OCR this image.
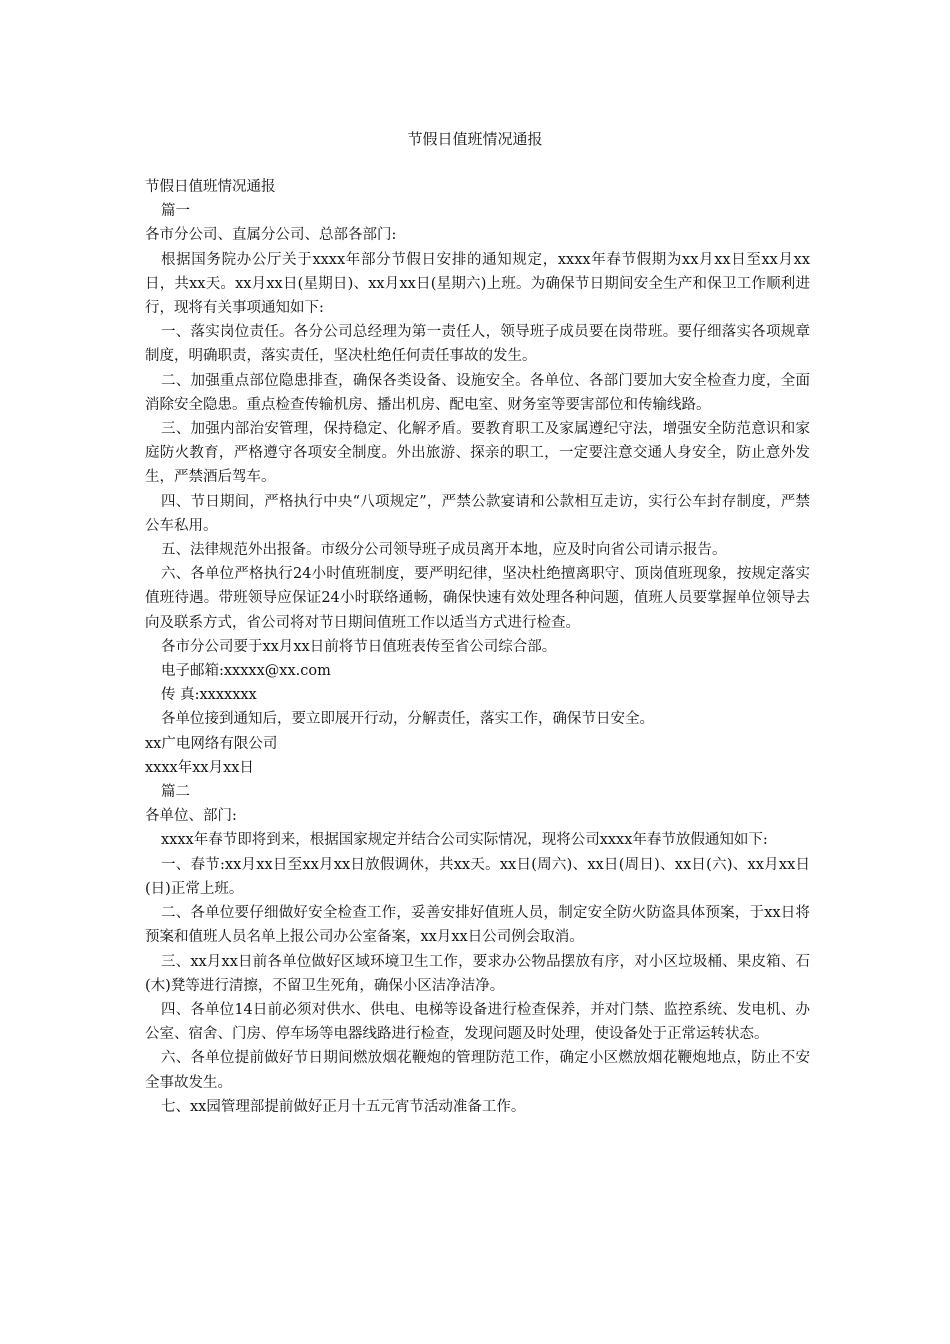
节假日值班情况通报

节假日值班情况通报

篇一

各市分公司、直属分公司、总部各部门:

根据国务院办公厅关于xxxx年部分节假日安排的通知规定，xxxx年春节假期为xx月xx日至xx月xx日，共xx天。xx月xx日(星期日)、xx月xx日(星期六)上班。为确保节日期间安全生产和保卫工作顺利进行，现将有关事项通知如下:

一、落实岗位责任。各分公司总经理为第一责任人，领导班子成员要在岗带班。要仔细落实各项规章制度，明确职责，落实责任，坚决杜绝任何责任事故的发生。

二、加强重点部位隐患排查，确保各类设备、设施安全。各单位、各部门要加大安全检查力度，全面消除安全隐患。重点检查传输机房、播出机房、配电室、财务室等要害部位和传输线路。

三、加强内部治安管理，保持稳定、化解矛盾。要教育职工及家属遵纪守法，增强安全防范意识和家庭防火教育，严格遵守各项安全制度。外出旅游、探亲的职工，一定要注意交通人身安全，防止意外发生，严禁酒后驾车。

四、节日期间，严格执行中央“八项规定”，严禁公款宴请和公款相互走访，实行公车封存制度，严禁公车私用。

五、法律规范外出报备。市级分公司领导班子成员离开本地，应及时向省公司请示报告。

六、各单位严格执行24小时值班制度，要严明纪律，坚决杜绝擅离职守、顶岗值班现象，按规定落实值班待遇。带班领导应保证24小时联络通畅，确保快速有效处理各种问题，值班人员要掌握单位领导去向及联系方式，省公司将对节日期间值班工作以适当方式进行检查。

各市分公司要于xx月xx日前将节日值班表传至省公司综合部。

电子邮箱:xxxxx@xx.com

传 真:xxxxxxx

各单位接到通知后，要立即展开行动，分解责任，落实工作，确保节日安全。

xx广电网络有限公司

xxxx年xx月xx日

篇二

各单位、部门:

xxxx年春节即将到来，根据国家规定并结合公司实际情况，现将公司xxxx年春节放假通知如下:

一、春节:xx月xx日至xx月xx日放假调休，共xx天。xx日(周六)、xx日(周日)、xx日(六)、xx月xx日(日)正常上班。

二、各单位要仔细做好安全检查工作，妥善安排好值班人员，制定安全防火防盗具体预案，于xx日将预案和值班人员名单上报公司办公室备案，xx月xx日公司例会取消。

三、xx月xx日前各单位做好区域环境卫生工作，要求办公物品摆放有序，对小区垃圾桶、果皮箱、石(木)凳等进行清擦，不留卫生死角，确保小区洁净洁净。

四、各单位14日前必须对供水、供电、电梯等设备进行检查保养，并对门禁、监控系统、发电机、办公室、宿舍、门房、停车场等电器线路进行检查，发现问题及时处理，使设备处于正常运转状态。

六、各单位提前做好节日期间燃放烟花鞭炮的管理防范工作，确定小区燃放烟花鞭炮地点，防止不安全事故发生。

七、xx园管理部提前做好正月十五元宵节活动准备工作。
